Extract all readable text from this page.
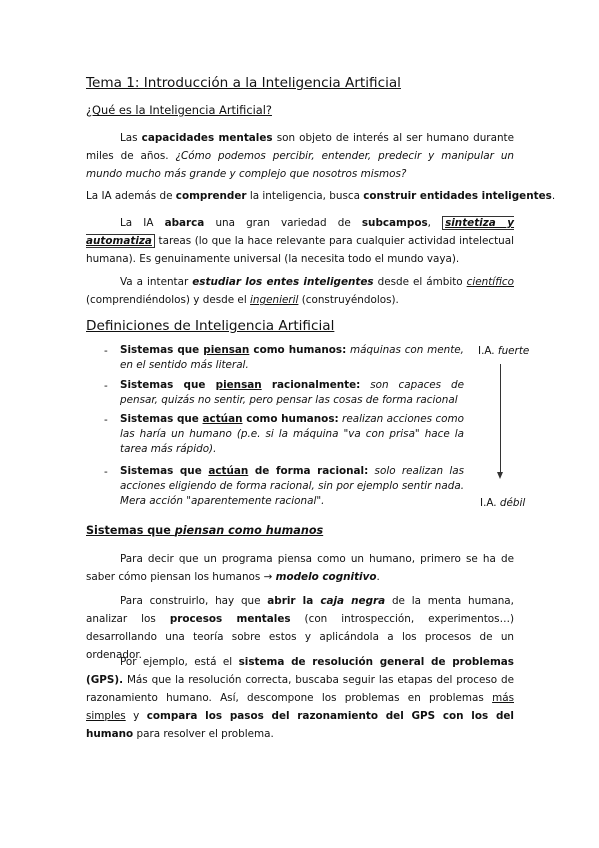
Tema 1: Introducción a la Inteligencia Artificial
¿Qué es la Inteligencia Artificial?
Las capacidades mentales son objeto de interés al ser humano durante miles de años. ¿Cómo podemos percibir, entender, predecir y manipular un mundo mucho más grande y complejo que nosotros mismos?
La IA además de comprender la inteligencia, busca construir entidades inteligentes.
La IA abarca una gran variedad de subcampos, sintetiza y automatiza tareas (lo que la hace relevante para cualquier actividad intelectual humana). Es genuinamente universal (la necesita todo el mundo vaya).
Va a intentar estudiar los entes inteligentes desde el ámbito científico (comprendiéndolos) y desde el ingenieril (construyéndolos).
Definiciones de Inteligencia Artificial
- Sistemas que piensan como humanos: máquinas con mente, en el sentido más literal.
- Sistemas que piensan racionalmente: son capaces de pensar, quizás no sentir, pero pensar las cosas de forma racional
- Sistemas que actúan como humanos: realizan acciones como las haría un humano (p.e. si la máquina "va con prisa" hace la tarea más rápido).
- Sistemas que actúan de forma racional: solo realizan las acciones eligiendo de forma racional, sin por ejemplo sentir nada. Mera acción "aparentemente racional".
I.A. fuerte
I.A. débil
Sistemas que piensan como humanos
Para decir que un programa piensa como un humano, primero se ha de saber cómo piensan los humanos → modelo cognitivo.
Para construirlo, hay que abrir la caja negra de la menta humana, analizar los procesos mentales (con introspección, experimentos…) desarrollando una teoría sobre estos y aplicándola a los procesos de un ordenador.
Por ejemplo, está el sistema de resolución general de problemas (GPS). Más que la resolución correcta, buscaba seguir las etapas del proceso de razonamiento humano. Así, descompone los problemas en problemas más simples y compara los pasos del razonamiento del GPS con los del humano para resolver el problema.
